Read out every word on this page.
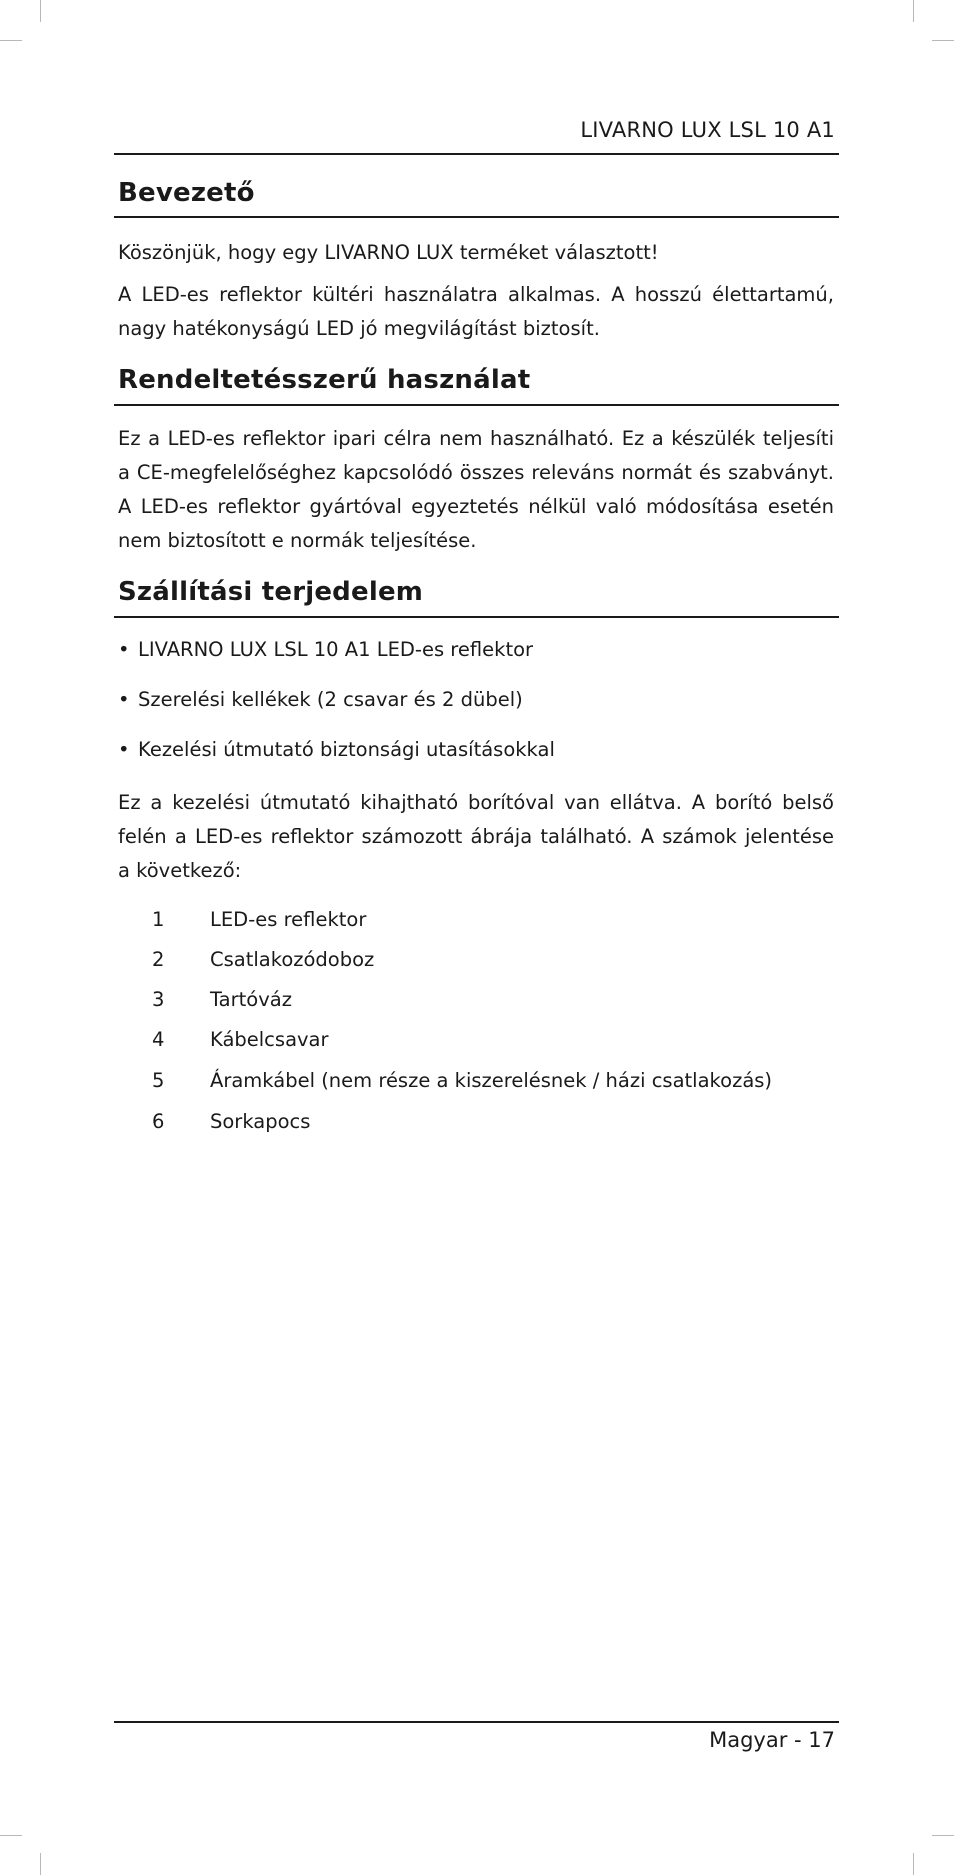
LIVARNO LUX LSL 10 A1
Bevezető
Köszönjük, hogy egy LIVARNO LUX terméket választott!
A LED-es reflektor kültéri használatra alkalmas. A hosszú élettartamú, nagy hatékonyságú LED jó megvilágítást biztosít.
Rendeltetésszerű használat
Ez a LED-es reflektor ipari célra nem használható. Ez a készülék teljesíti a CE-megfelelőséghez kapcsolódó összes releváns normát és szabványt. A LED-es reflektor gyártóval egyeztetés nélkül való módosítása esetén nem biztosított e normák teljesítése.
Szállítási terjedelem
• LIVARNO LUX LSL 10 A1 LED-es reflektor
• Szerelési kellékek (2 csavar és 2 dübel)
• Kezelési útmutató biztonsági utasításokkal
Ez a kezelési útmutató kihajtható borítóval van ellátva. A borító belső felén a LED-es reflektor számozott ábrája található. A számok jelentése a következő:
1 LED-es reflektor
2 Csatlakozódoboz
3 Tartóváz
4 Kábelcsavar
5 Áramkábel (nem része a kiszerelésnek / házi csatlakozás)
6 Sorkapocs
Magyar - 17
